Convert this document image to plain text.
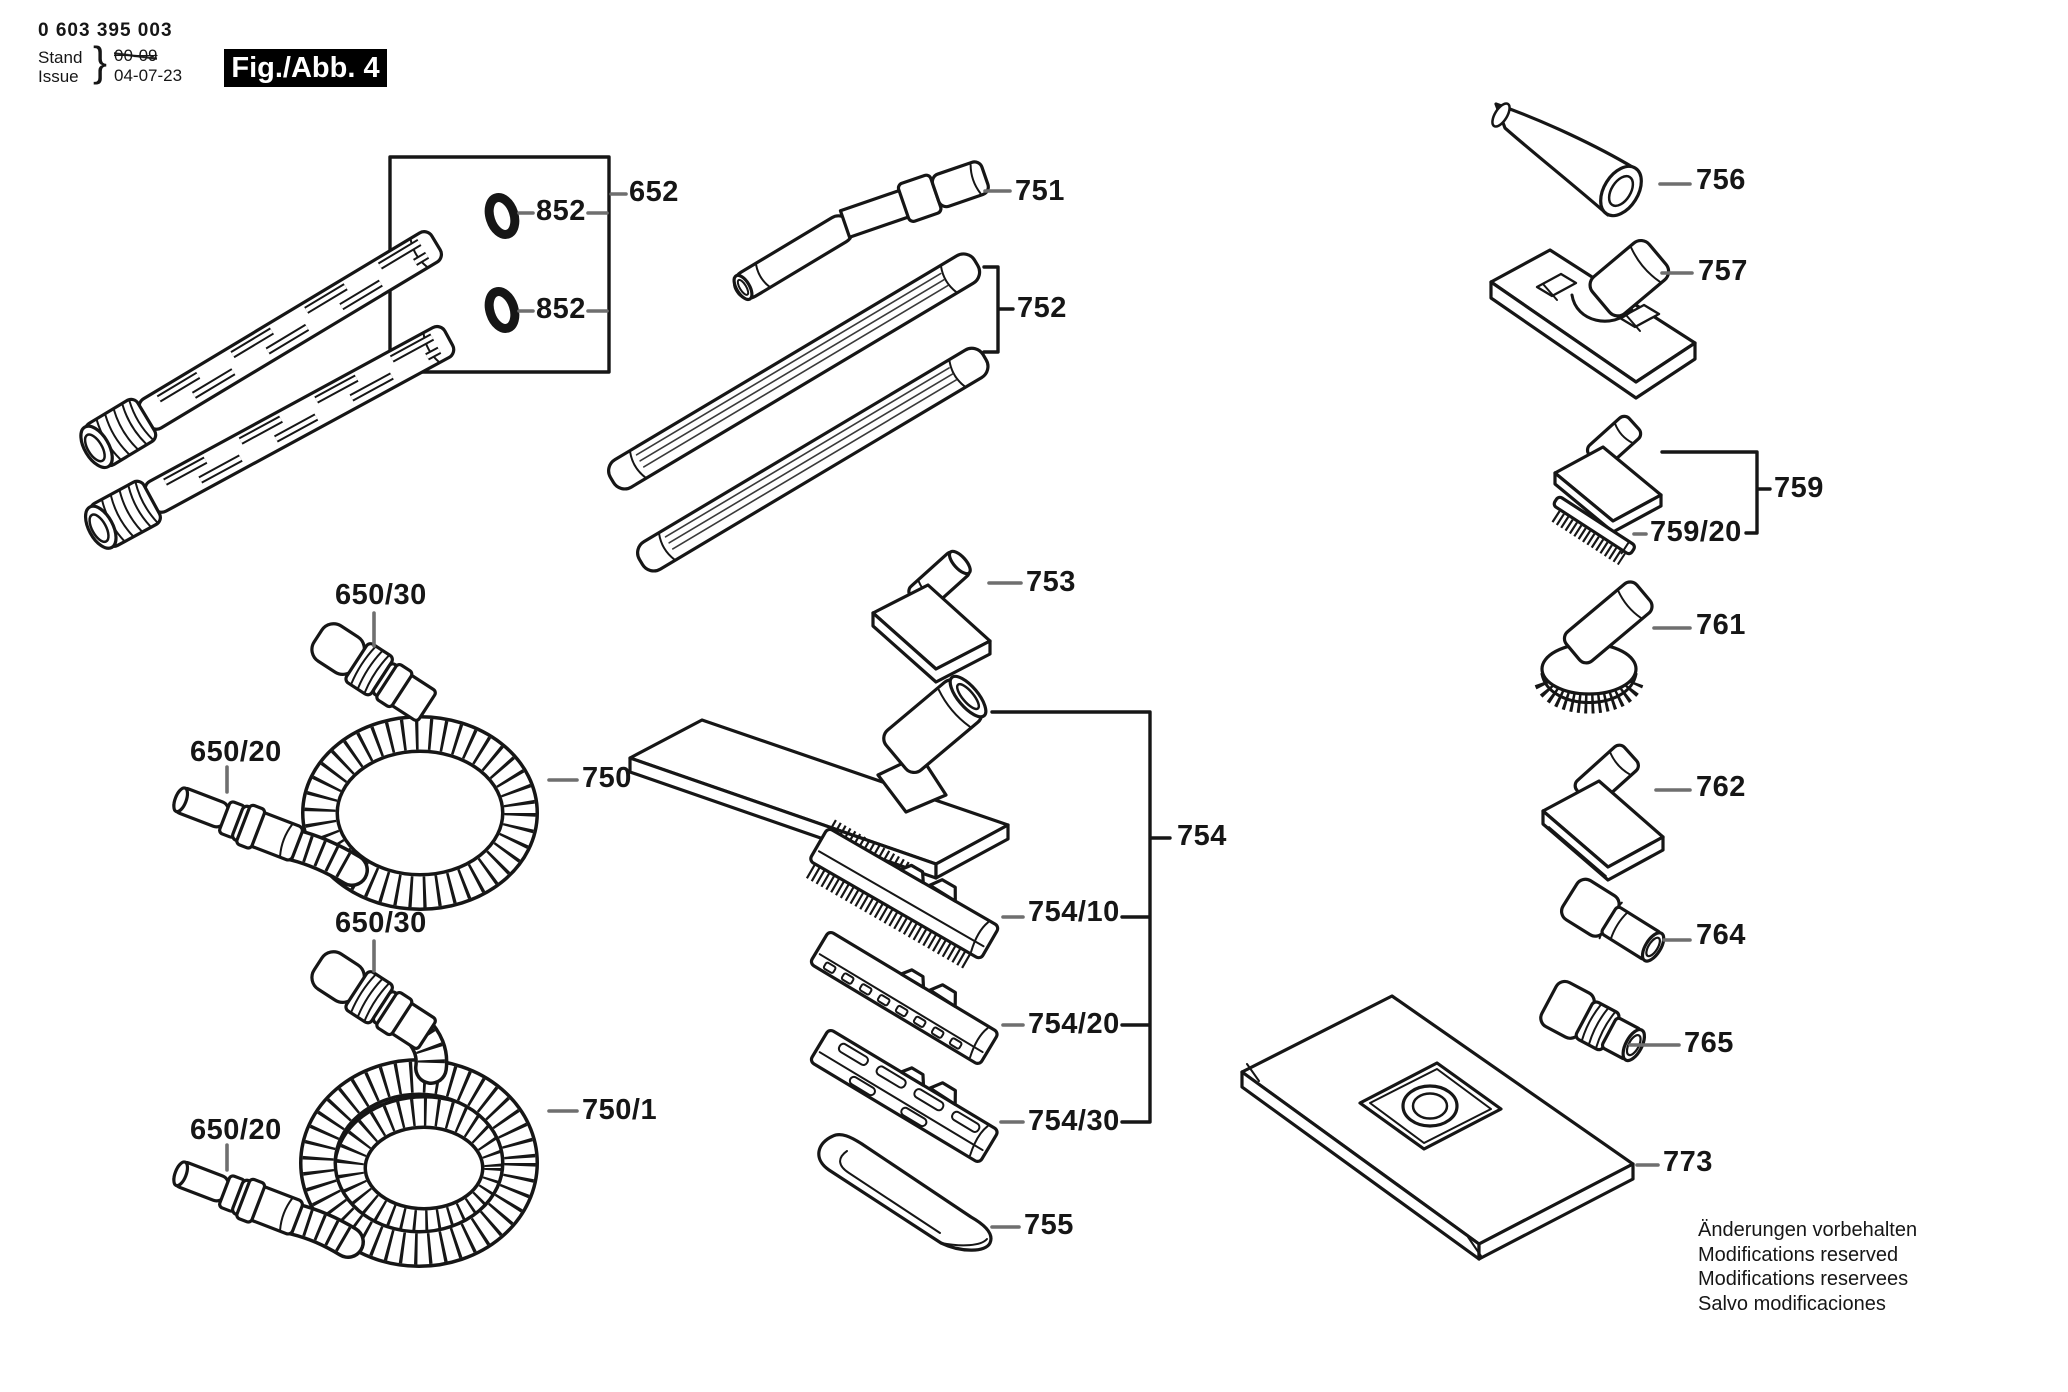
0 603 395 003
Stand
Issue } 00-09
04-07-23 Fig./Abb. 4
852
852
652	751
752
753
754
754/10
754/20
754/30
755
650/30
650/20
750
650/30
650/20
750/1
756
757
759
759/20
761
762
764
765
773
Änderungen vorbehalten
Modifications reserved
Modifications reservees
Salvo modificaciones
